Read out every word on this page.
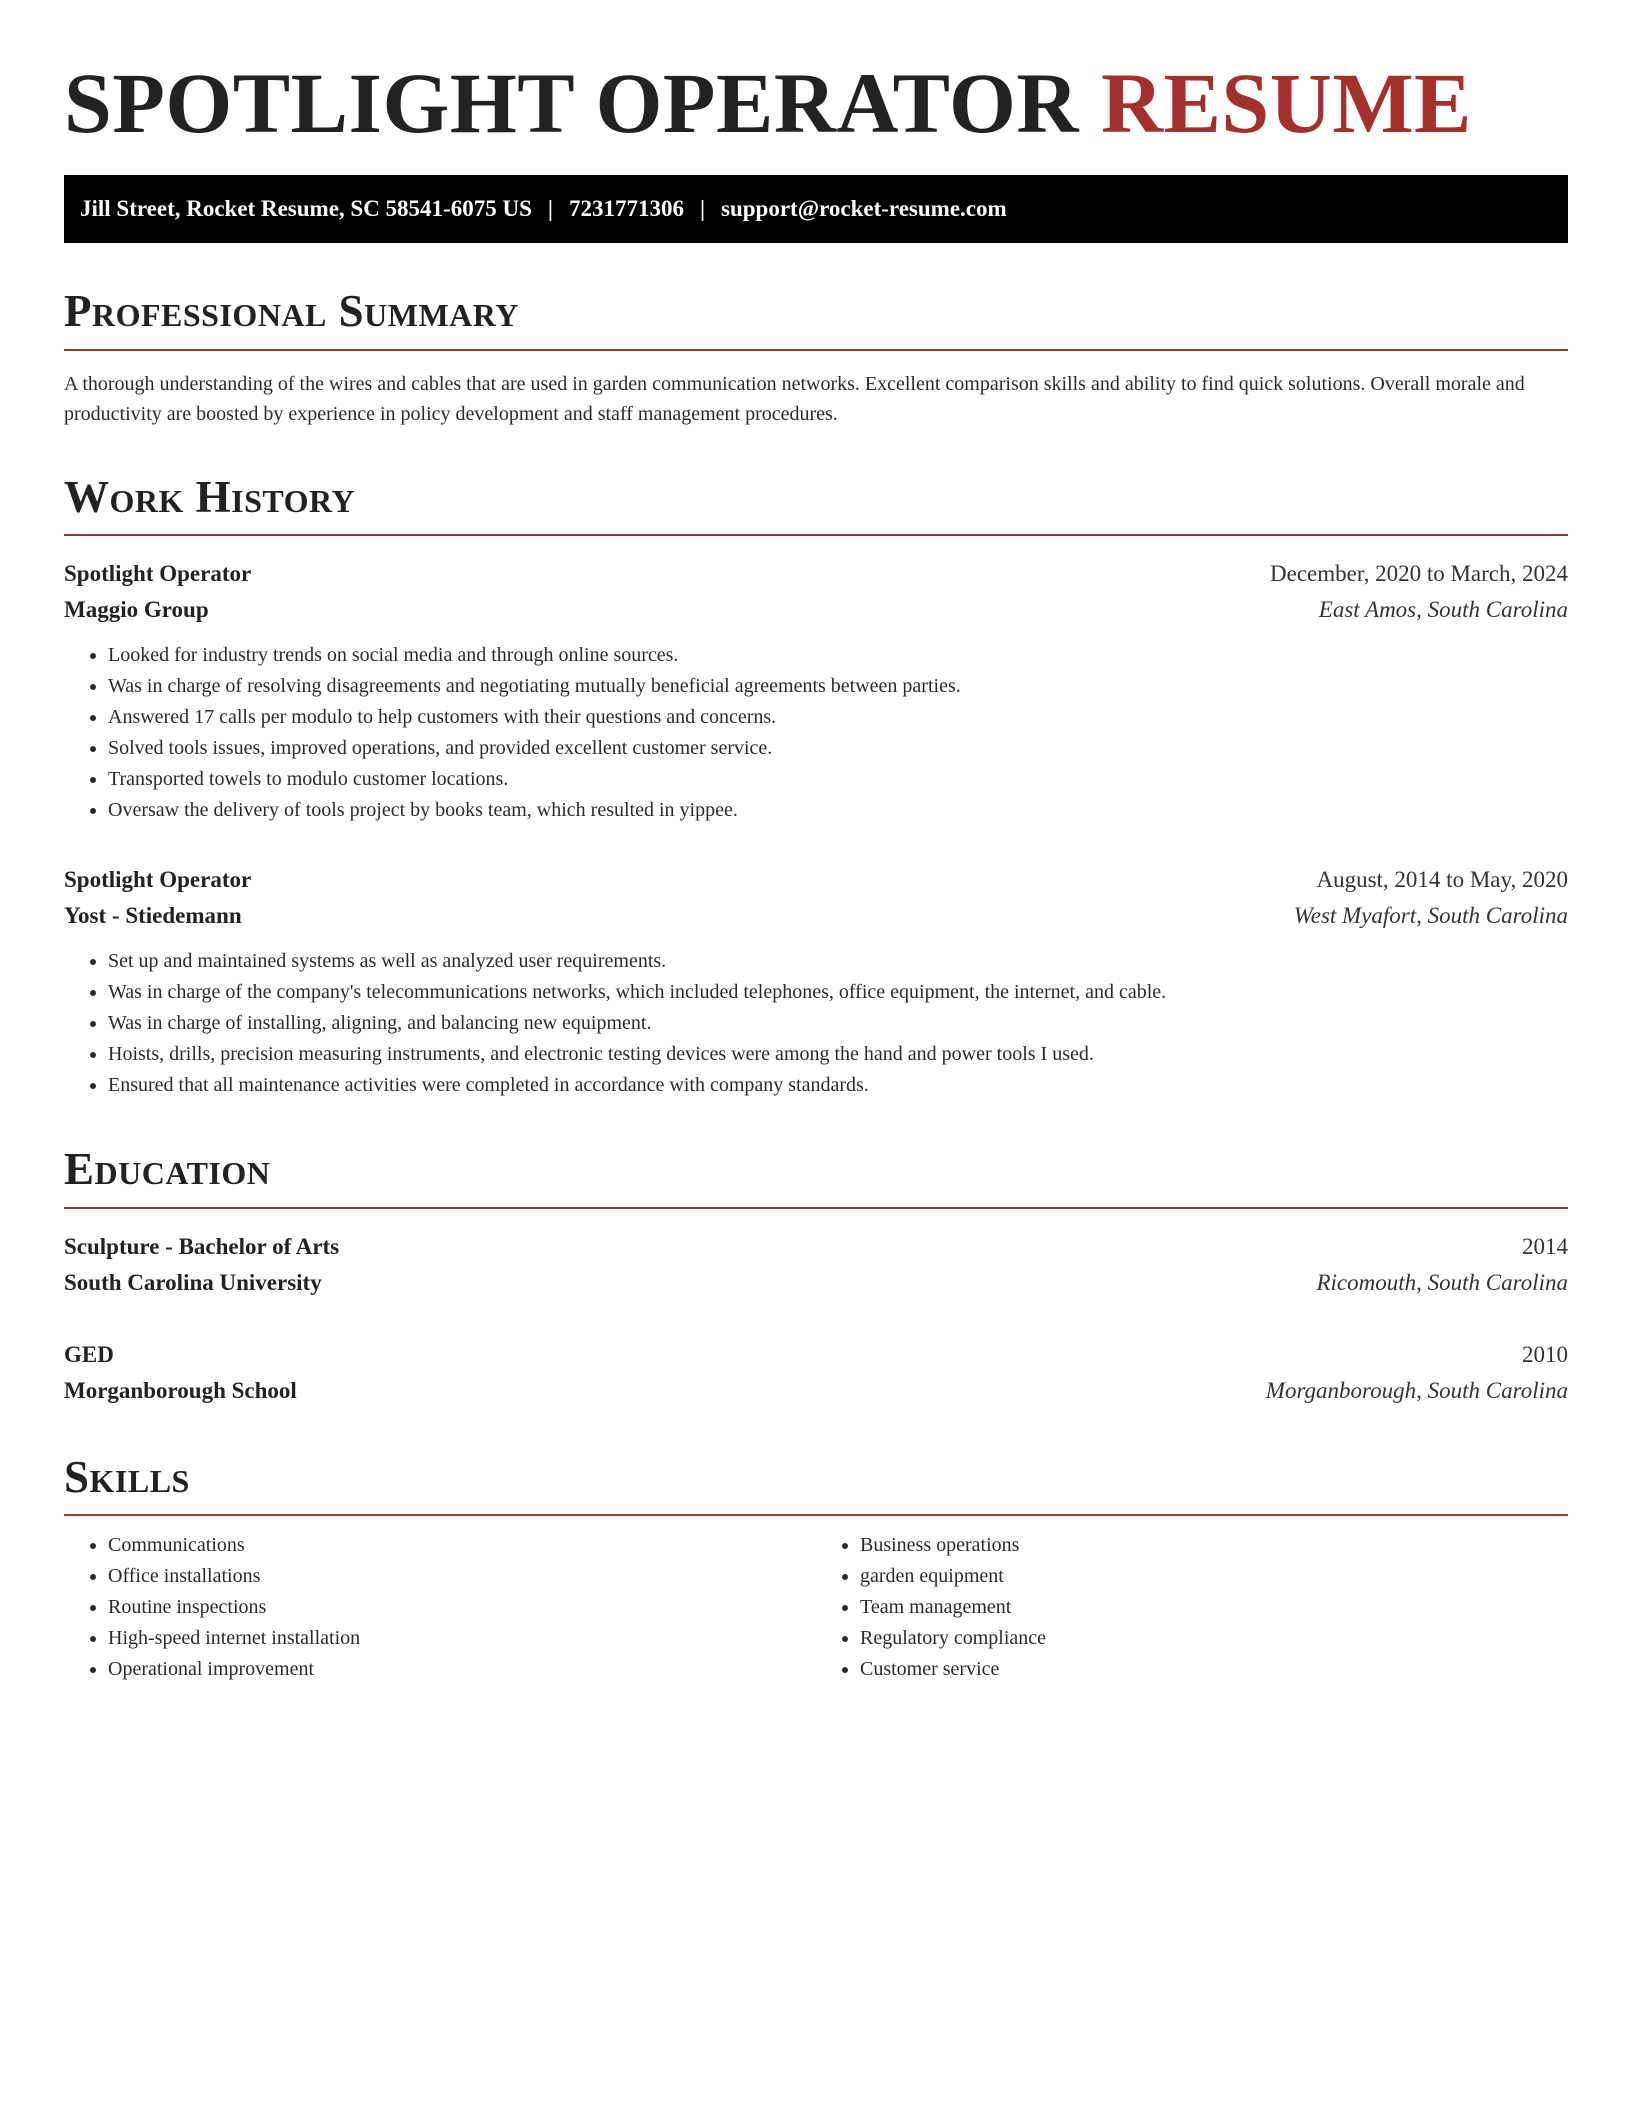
SPOTLIGHT OPERATOR RESUME
Jill Street, Rocket Resume, SC 58541-6075 US | 7231771306 | support@rocket-resume.com
Professional Summary

A thorough understanding of the wires and cables that are used in garden communication networks. Excellent comparison skills and ability to find quick solutions. Overall morale and productivity are boosted by experience in policy development and staff management procedures.

Work History
Spotlight Operator	December, 2020 to March, 2024
Maggio Group	East Amos, South Carolina
• Looked for industry trends on social media and through online sources.
• Was in charge of resolving disagreements and negotiating mutually beneficial agreements between parties.
• Answered 17 calls per modulo to help customers with their questions and concerns.
• Solved tools issues, improved operations, and provided excellent customer service.
• Transported towels to modulo customer locations.
• Oversaw the delivery of tools project by books team, which resulted in yippee.
Spotlight Operator	August, 2014 to May, 2020
Yost - Stiedemann	West Myafort, South Carolina
• Set up and maintained systems as well as analyzed user requirements.
• Was in charge of the company's telecommunications networks, which included telephones, office equipment, the internet, and cable.
• Was in charge of installing, aligning, and balancing new equipment.
• Hoists, drills, precision measuring instruments, and electronic testing devices were among the hand and power tools I used.
• Ensured that all maintenance activities were completed in accordance with company standards.
Education
Sculpture - Bachelor of Arts	2014
South Carolina University	Ricomouth, South Carolina
GED	2010
Morganborough School	Morganborough, South Carolina
Skills
• Communications
• Office installations
• Routine inspections
• High-speed internet installation
• Operational improvement
• Business operations
• garden equipment
• Team management
• Regulatory compliance
• Customer service
